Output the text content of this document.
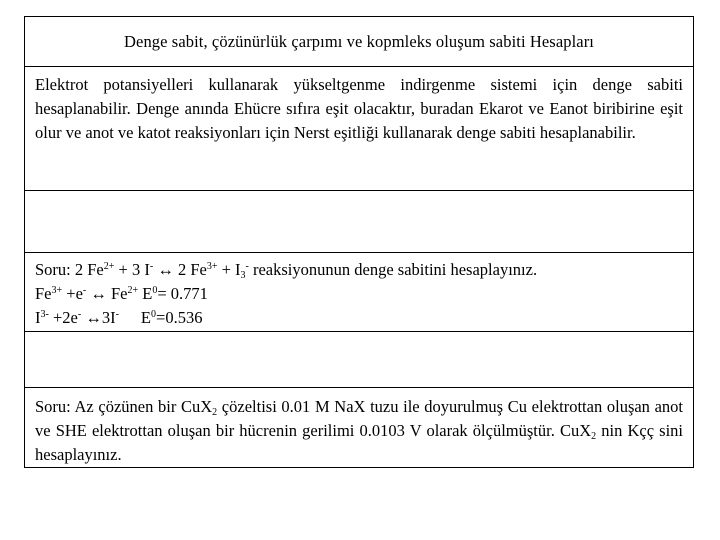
Denge sabit, çözünürlük çarpımı ve kopmleks oluşum sabiti Hesapları
Elektrot potansiyelleri kullanarak yükseltgenme indirgenme sistemi için denge sabiti hesaplanabilir. Denge anında Ehücre sıfıra eşit olacaktır, buradan Ekarot ve Eanot biribirine eşit olur ve anot ve katot reaksiyonları için Nerst eşitliği kullanarak denge sabiti hesaplanabilir.
Soru: 2 $Fe^{2+} + 3$ I- ↔ 2 $Fe^{3+} + I_3^-$ reaksiyonunun denge sabitini hesaplayınız.
$Fe^{3+} +e^-$ ↔ $Fe^{2+}$ $E^0= 0.771$
$I^{3-} +2e^-$ ↔3I- $E^0=0.536$
Soru: Az çözünen bir CuX$_2$ çözeltisi 0.01 M NaX tuzu ile doyurulmuş Cu elektrottan oluşan anot ve SHE elektrottan oluşan bir hücrenin gerilimi 0.0103 V olarak ölçülmüştür. CuX$_2$ nin Kçç sini hesaplayınız.
